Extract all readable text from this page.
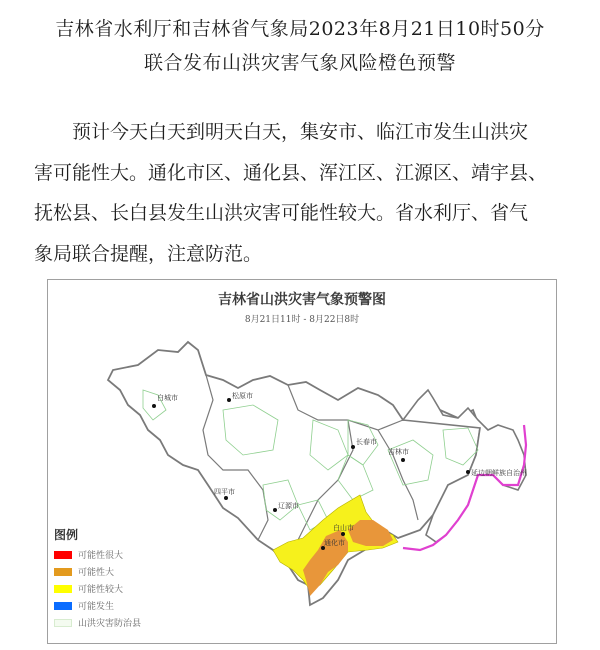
吉林省水利厅和吉林省气象局2023年8月21日10时50分
联合发布山洪灾害气象风险橙色预警
预计今天白天到明天白天，集安市、临江市发生山洪灾
害可能性大。通化市区、通化县、浑江区、江源区、靖宇县、
抚松县、长白县发生山洪灾害可能性较大。省水利厅、省气
象局联合提醒，注意防范。
白城市	松原市
长春市
吉林市
四平市
辽源市
通化市
白山市
延边朝鲜族自治州
吉林省山洪灾害气象预警图
8月21日11时 - 8月22日8时
图例
可能性很大
可能性大
可能性较大
可能发生
山洪灾害防治县
